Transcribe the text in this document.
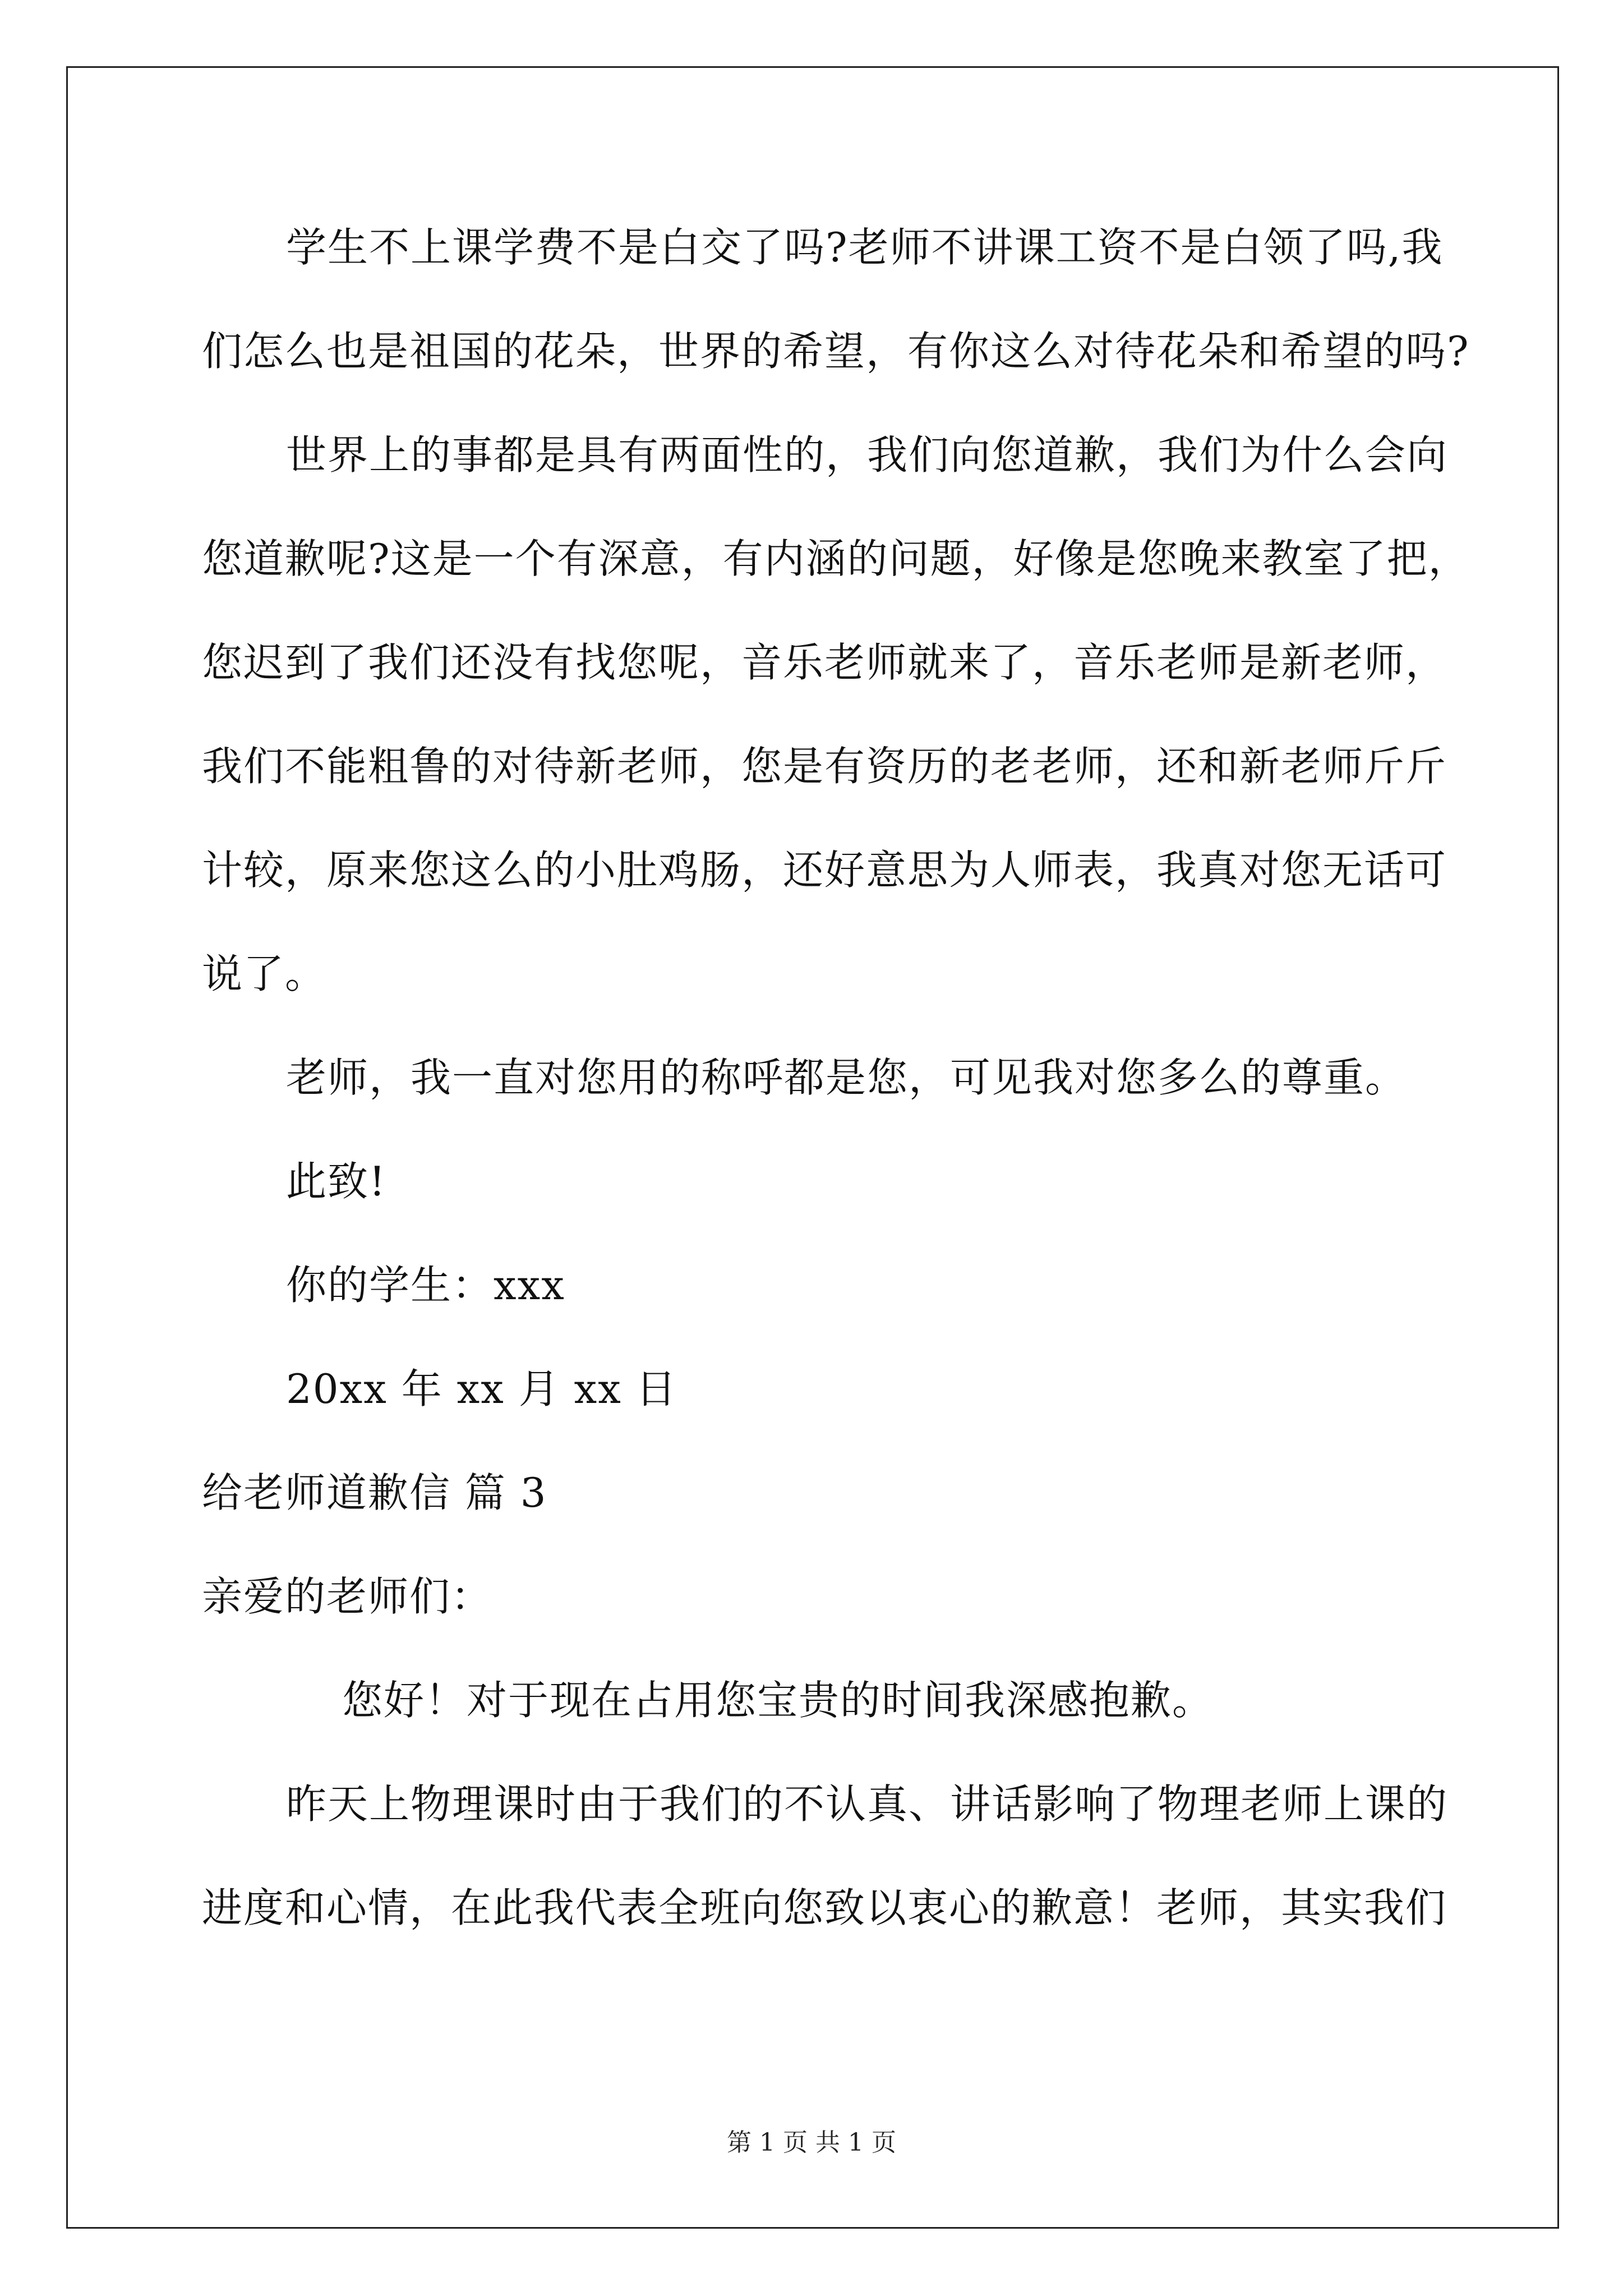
学生不上课学费不是白交了吗?老师不讲课工资不是白领了吗,我
们怎么也是祖国的花朵，世界的希望，有你这么对待花朵和希望的吗?
世界上的事都是具有两面性的，我们向您道歉，我们为什么会向
您道歉呢?这是一个有深意，有内涵的问题，好像是您晚来教室了把，
您迟到了我们还没有找您呢，音乐老师就来了，音乐老师是新老师，
我们不能粗鲁的对待新老师，您是有资历的老老师，还和新老师斤斤
计较，原来您这么的小肚鸡肠，还好意思为人师表，我真对您无话可
说了。
老师，我一直对您用的称呼都是您，可见我对您多么的尊重。
此致!
你的学生：xxx
20xx 年 xx 月 xx 日
给老师道歉信 篇 3
亲爱的老师们：
您好！对于现在占用您宝贵的时间我深感抱歉。
昨天上物理课时由于我们的不认真、讲话影响了物理老师上课的
进度和心情，在此我代表全班向您致以衷心的歉意！老师，其实我们
第 1 页 共 1 页
